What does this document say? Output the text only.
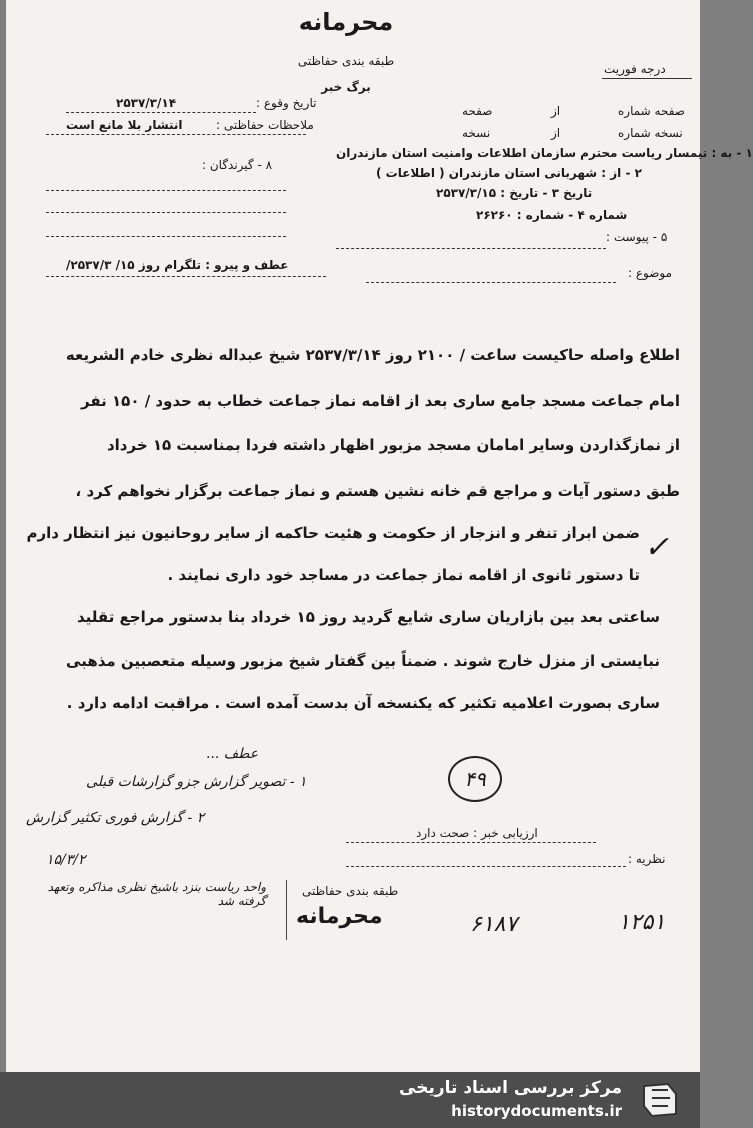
محرمانه
طبقه بندی حفاظتی
برگ خبر
درجه فوریت
صفحه شماره
از
صفحه
نسخه شماره
از
نسخه
تاریخ وقوع :
۲۵۳۷/۳/۱۴
ملاحظات حفاظتی :
انتشار بلا مانع است
۱ - به : تیمسار ریاست محترم سازمان اطلاعات وامنیت استان مازندران
۲ - از : شهربانی استان مازندران ( اطلاعات )
۸ - گیرندگان :
تاریخ ۳ - تاریخ : ۲۵۳۷/۳/۱۵
شماره ۴ - شماره : ۲۶۲۶۰
۵ - پیوست :
عطف و پیرو : تلگرام روز ۱۵/ ۲۵۳۷/۳/
موضوع :
اطلاع واصله حاکیست ساعت / ۲۱۰۰ روز ۲۵۳۷/۳/۱۴ شیخ عبداله نظری خادم الشریعه
امام جماعت مسجد جامع ساری بعد از اقامه نماز جماعت خطاب به حدود / ۱۵۰ نفر
از نمازگذاردن وسایر امامان مسجد مزبور اظهار داشته فردا بمناسبت ۱۵ خرداد
طبق دستور آیات و مراجع قم خانه نشین هستم و نماز جماعت برگزار نخواهم کرد ،
ضمن ابراز تنفر و انزجار از حکومت و هئیت حاکمه از سایر روحانیون نیز انتظار دارم
تا دستور ثانوی از اقامه نماز جماعت در مساجد خود داری نمایند .
ساعتی بعد بین بازاریان ساری شایع گردید روز ۱۵ خرداد بنا بدستور مراجع تقلید
نبایستی از منزل خارج شوند . ضمناً بین گفتار شیخ مزبور وسیله متعصبین مذهبی
ساری بصورت اعلامیه تکثیر که یکنسخه آن بدست آمده است . مراقبت ادامه دارد .
✓
عطف ...
۱ - تصویر گزارش جزو گزارشات قبلی
۲ - گزارش فوری تکثیر گزارش
۴۹
ارزیابی خبر : صحت دارد
نظریه :
طبقه بندی حفاظتی
محرمانه	۶۱۸۷	۱۲۵۱
۱۵/۳/۲
واحد ریاست بنزد باشیخ نظری مذاکره وتعهد گرفته شد
مرکز بررسی اسناد تاریخی
historydocuments.ir
